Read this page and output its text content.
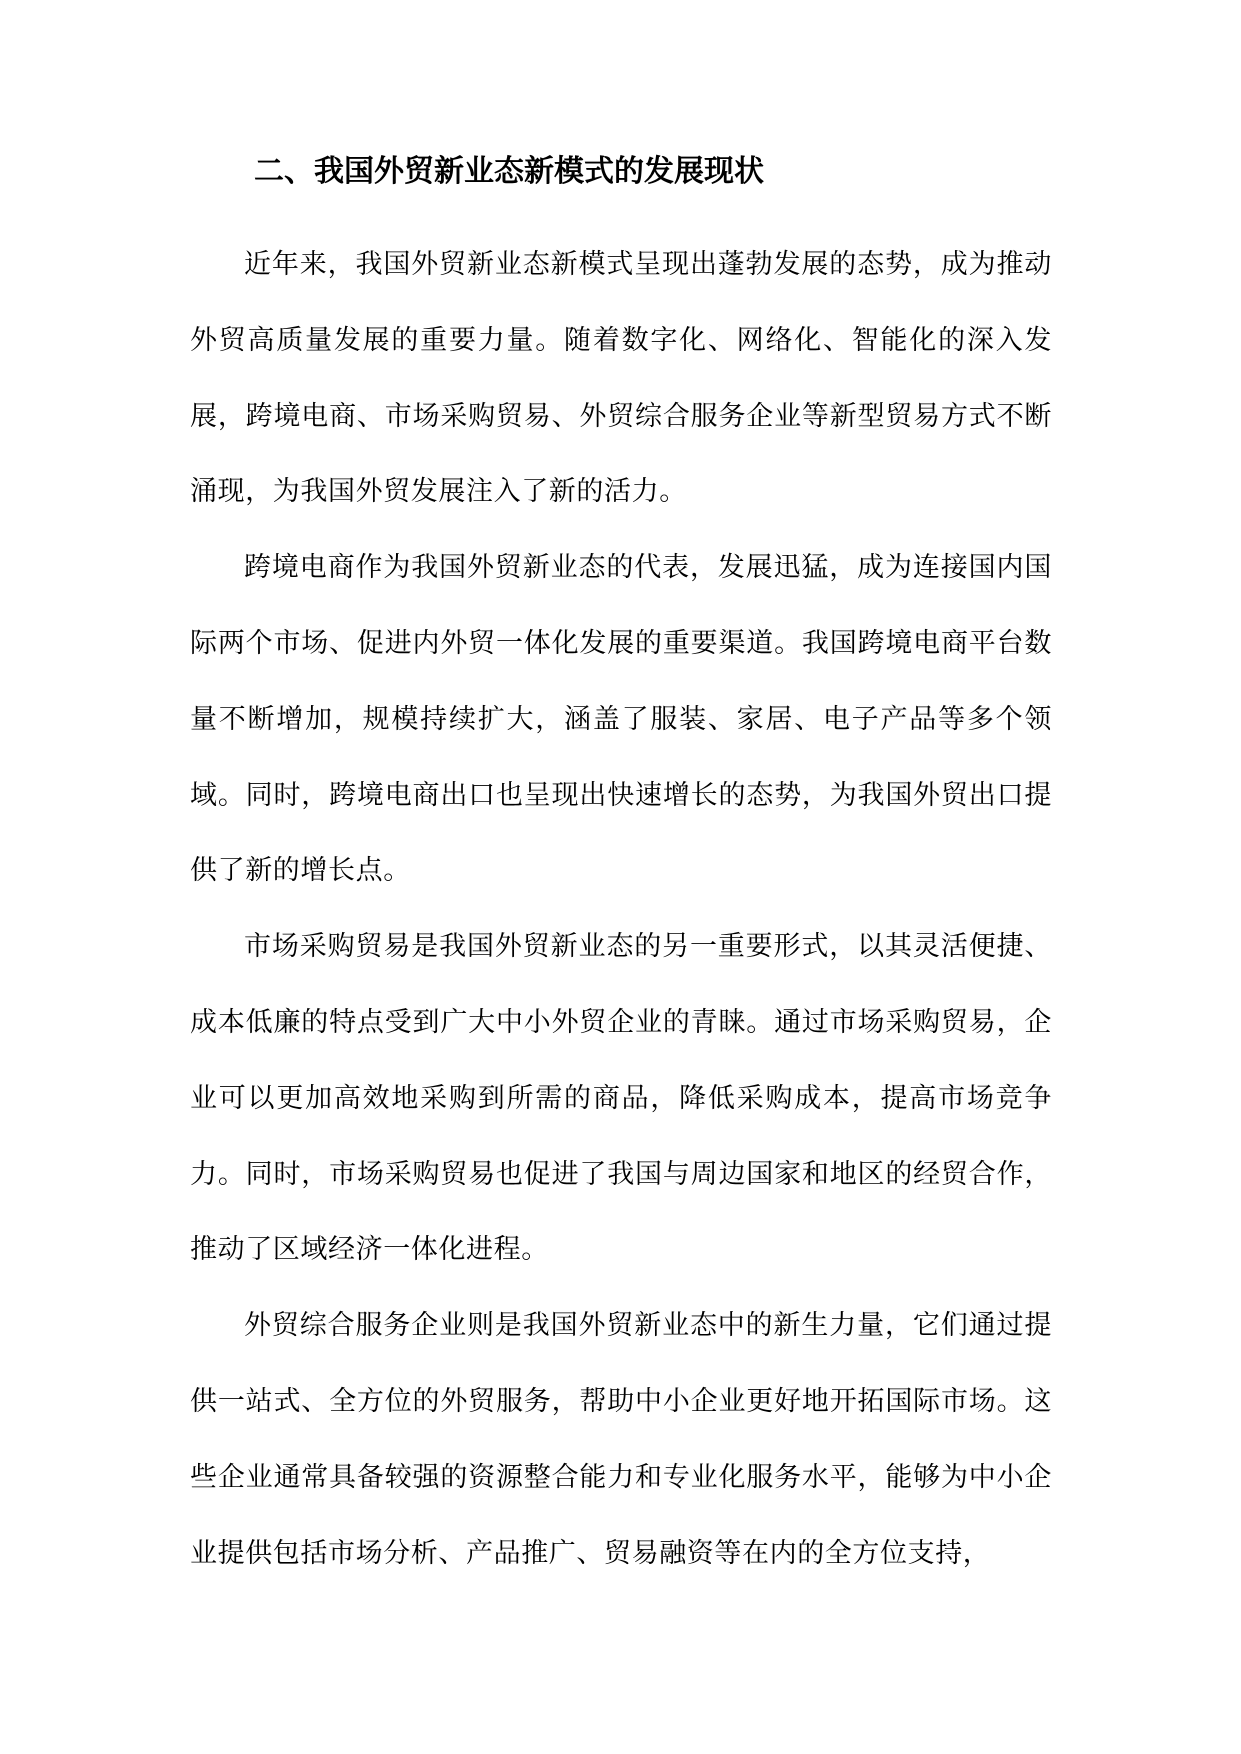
二、我国外贸新业态新模式的发展现状

近年来，我国外贸新业态新模式呈现出蓬勃发展的态势，成为推动外贸高质量发展的重要力量。随着数字化、网络化、智能化的深入发展，跨境电商、市场采购贸易、外贸综合服务企业等新型贸易方式不断涌现，为我国外贸发展注入了新的活力。

跨境电商作为我国外贸新业态的代表，发展迅猛，成为连接国内国际两个市场、促进内外贸一体化发展的重要渠道。我国跨境电商平台数量不断增加，规模持续扩大，涵盖了服装、家居、电子产品等多个领域。同时，跨境电商出口也呈现出快速增长的态势，为我国外贸出口提供了新的增长点。

市场采购贸易是我国外贸新业态的另一重要形式，以其灵活便捷、成本低廉的特点受到广大中小外贸企业的青睐。通过市场采购贸易，企业可以更加高效地采购到所需的商品，降低采购成本，提高市场竞争力。同时，市场采购贸易也促进了我国与周边国家和地区的经贸合作，推动了区域经济一体化进程。

外贸综合服务企业则是我国外贸新业态中的新生力量，它们通过提供一站式、全方位的外贸服务，帮助中小企业更好地开拓国际市场。这些企业通常具备较强的资源整合能力和专业化服务水平，能够为中小企业提供包括市场分析、产品推广、贸易融资等在内的全方位支持，
